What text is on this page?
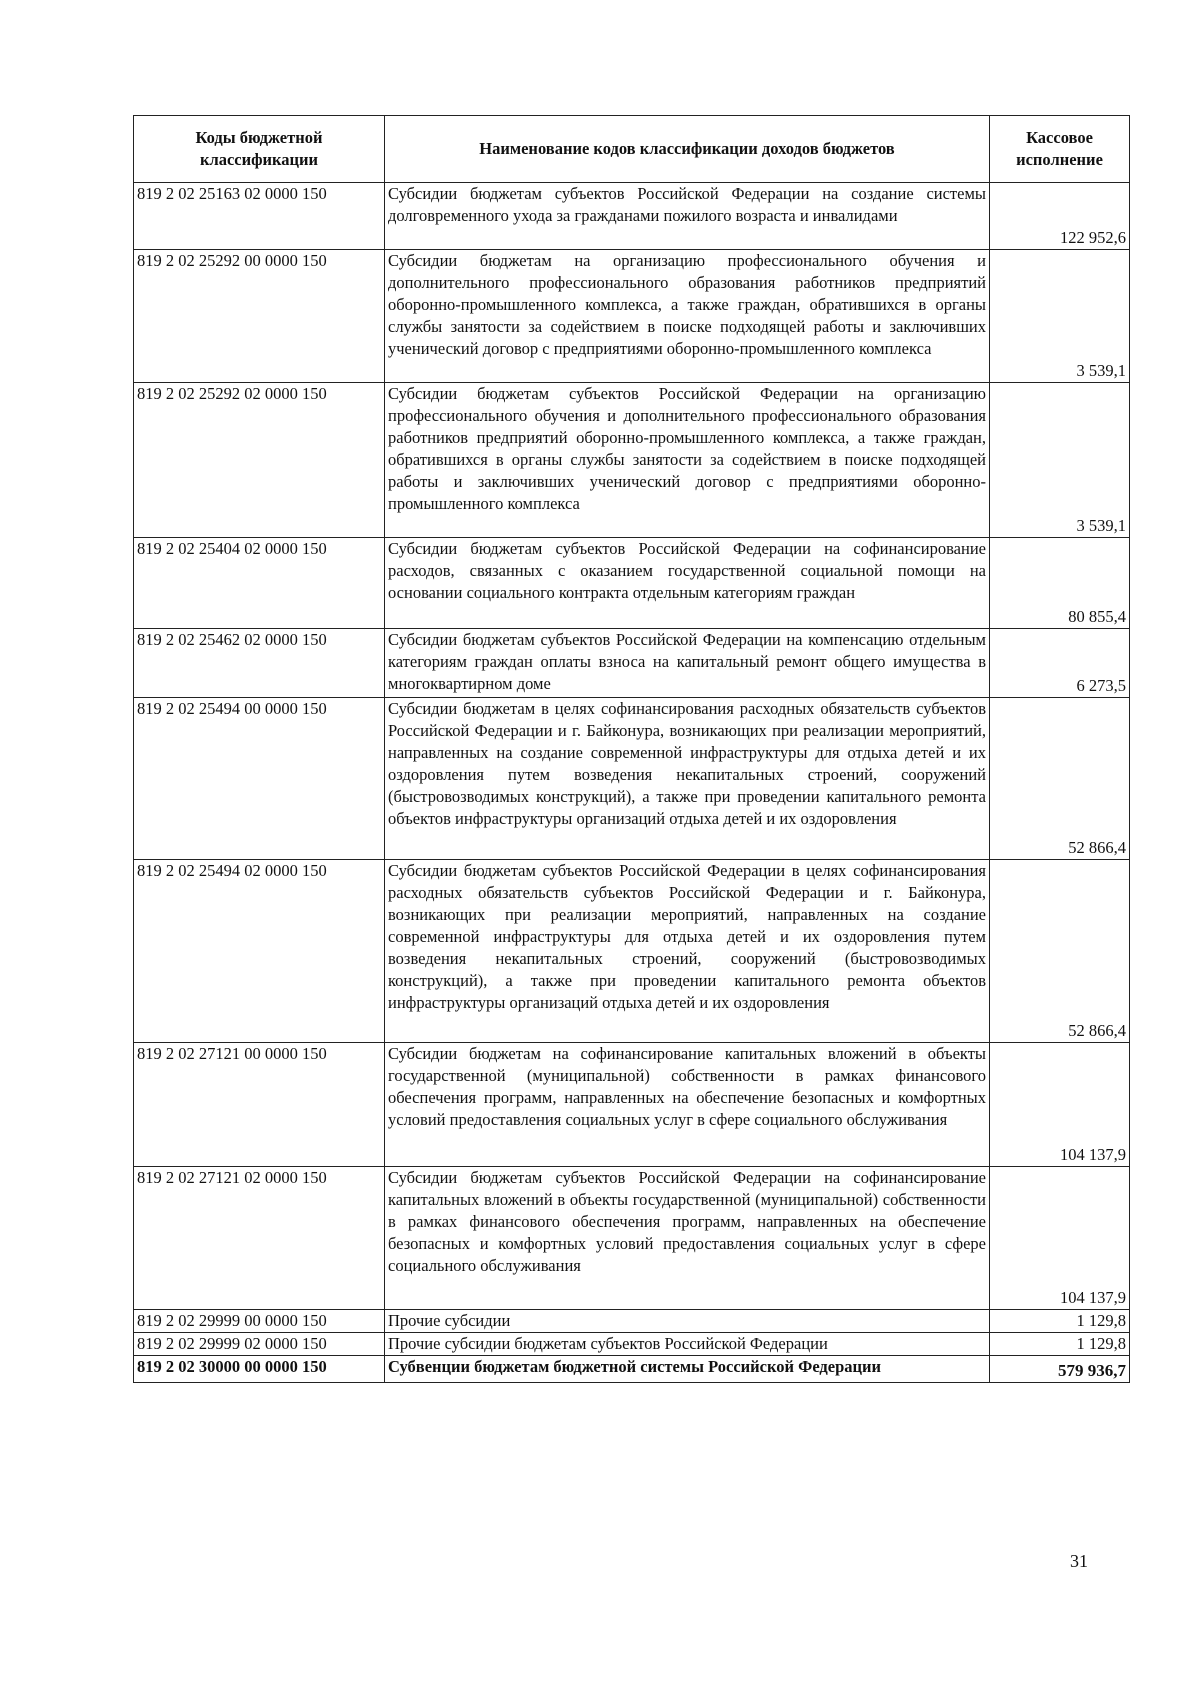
Коды бюджетной классификации	Наименование кодов классификации доходов бюджетов	Кассовое исполнение
819 2 02 25163 02 0000 150	Субсидии бюджетам субъектов Российской Федерации на создание системы долговременного ухода за гражданами пожилого возраста и инвалидами	122 952,6
819 2 02 25292 00 0000 150	Субсидии бюджетам на организацию профессионального обучения и дополнительного профессионального образования работников предприятий оборонно-промышленного комплекса, а также граждан, обратившихся в органы службы занятости за содействием в поиске подходящей работы и заключивших ученический договор с предприятиями оборонно-промышленного комплекса	3 539,1
819 2 02 25292 02 0000 150	Субсидии бюджетам субъектов Российской Федерации на организацию профессионального обучения и дополнительного профессионального образования работников предприятий оборонно-промышленного комплекса, а также граждан, обратившихся в органы службы занятости за содействием в поиске подходящей работы и заключивших ученический договор с предприятиями оборонно-промышленного комплекса	3 539,1
819 2 02 25404 02 0000 150	Субсидии бюджетам субъектов Российской Федерации на софинансирование расходов, связанных с оказанием государственной социальной помощи на основании социального контракта отдельным категориям граждан	80 855,4
819 2 02 25462 02 0000 150	Субсидии бюджетам субъектов Российской Федерации на компенсацию отдельным категориям граждан оплаты взноса на капитальный ремонт общего имущества в многоквартирном доме	6 273,5
819 2 02 25494 00 0000 150	Субсидии бюджетам в целях софинансирования расходных обязательств субъектов Российской Федерации и г. Байконура, возникающих при реализации мероприятий, направленных на создание современной инфраструктуры для отдыха детей и их оздоровления путем возведения некапитальных строений, сооружений (быстровозводимых конструкций), а также при проведении капитального ремонта объектов инфраструктуры организаций отдыха детей и их оздоровления	52 866,4
819 2 02 25494 02 0000 150	Субсидии бюджетам субъектов Российской Федерации в целях софинансирования расходных обязательств субъектов Российской Федерации и г. Байконура, возникающих при реализации мероприятий, направленных на создание современной инфраструктуры для отдыха детей и их оздоровления путем возведения некапитальных строений, сооружений (быстровозводимых конструкций), а также при проведении капитального ремонта объектов инфраструктуры организаций отдыха детей и их оздоровления	52 866,4
819 2 02 27121 00 0000 150	Субсидии бюджетам на софинансирование капитальных вложений в объекты государственной (муниципальной) собственности в рамках финансового обеспечения программ, направленных на обеспечение безопасных и комфортных условий предоставления социальных услуг в сфере социального обслуживания	104 137,9
819 2 02 27121 02 0000 150	Субсидии бюджетам субъектов Российской Федерации на софинансирование капитальных вложений в объекты государственной (муниципальной) собственности в рамках финансового обеспечения программ, направленных на обеспечение безопасных и комфортных условий предоставления социальных услуг в сфере социального обслуживания	104 137,9
819 2 02 29999 00 0000 150	Прочие субсидии	1 129,8
819 2 02 29999 02 0000 150	Прочие субсидии бюджетам субъектов Российской Федерации	1 129,8
819 2 02 30000 00 0000 150	Субвенции бюджетам бюджетной системы Российской Федерации	579 936,7
31
